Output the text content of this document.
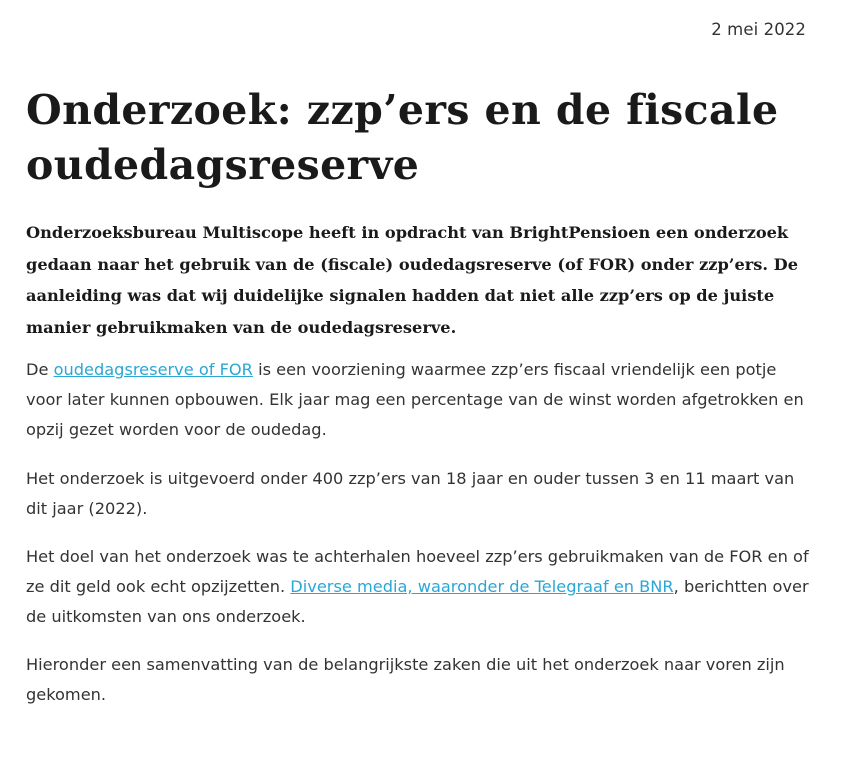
2 mei 2022
Onderzoek: zzp’ers en de fiscale oudedagsreserve

Onderzoeksbureau Multiscope heeft in opdracht van BrightPensioen een onderzoek gedaan naar het gebruik van de (fiscale) oudedagsreserve (of FOR) onder zzp’ers. De aanleiding was dat wij duidelijke signalen hadden dat niet alle zzp’ers op de juiste manier gebruikmaken van de oudedagsreserve.

De oudedagsreserve of FOR is een voorziening waarmee zzp’ers fiscaal vriendelijk een potje voor later kunnen opbouwen. Elk jaar mag een percentage van de winst worden afgetrokken en opzij gezet worden voor de oudedag.

Het onderzoek is uitgevoerd onder 400 zzp’ers van 18 jaar en ouder tussen 3 en 11 maart van dit jaar (2022).

Het doel van het onderzoek was te achterhalen hoeveel zzp’ers gebruikmaken van de FOR en of ze dit geld ook echt opzijzetten. Diverse media, waaronder de Telegraaf en BNR, berichtten over de uitkomsten van ons onderzoek.

Hieronder een samenvatting van de belangrijkste zaken die uit het onderzoek naar voren zijn gekomen.
